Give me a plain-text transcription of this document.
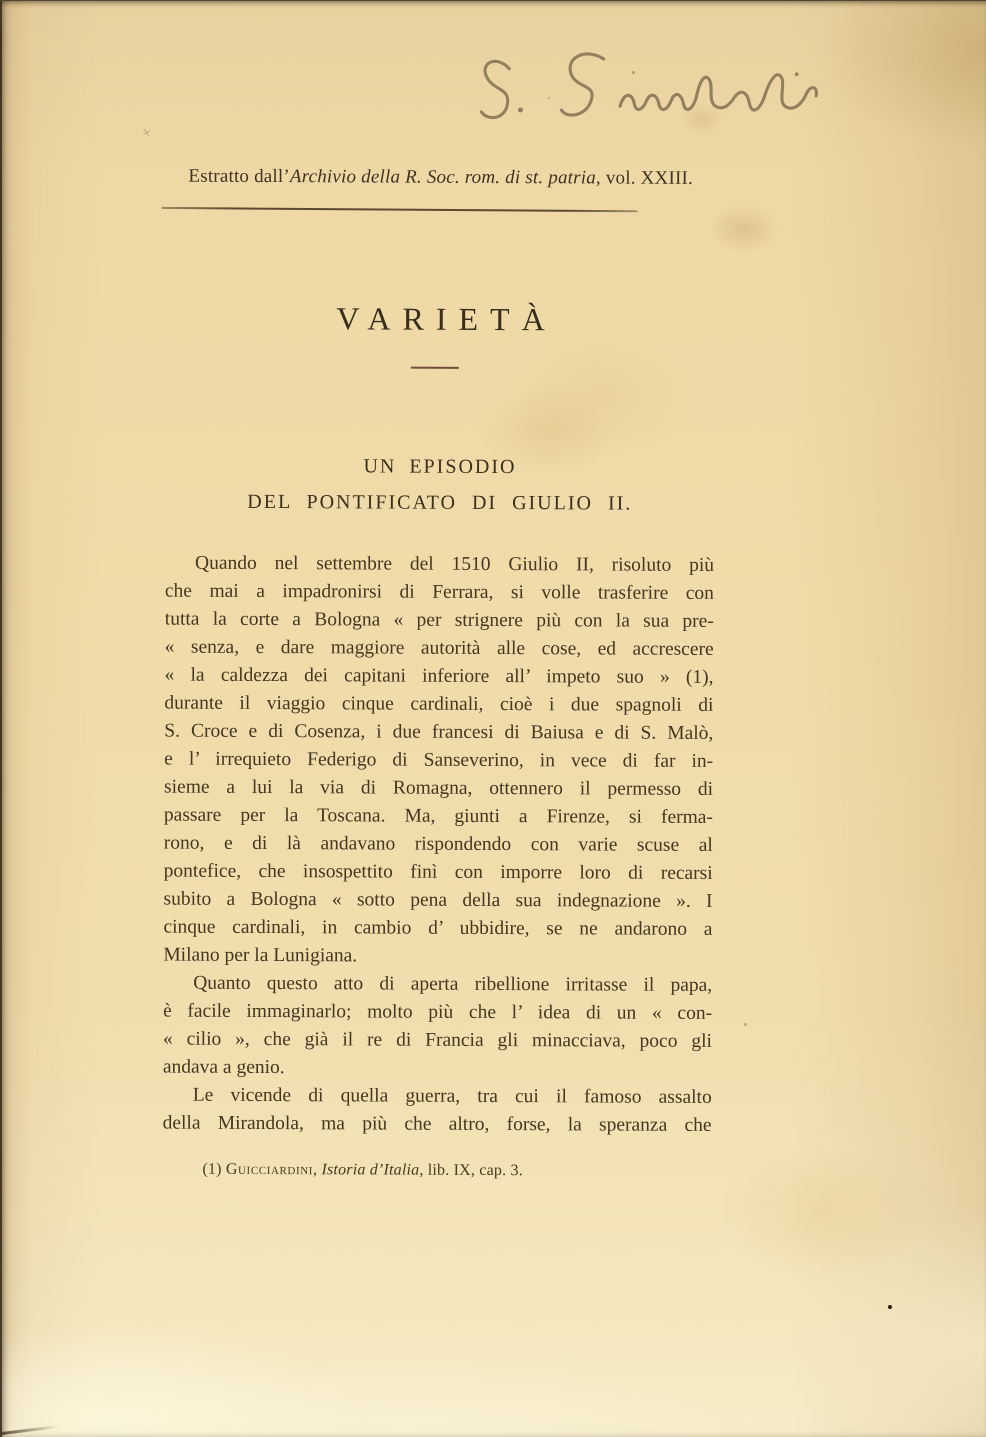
Estratto dall’Archivio della R. Soc. rom. di st. patria, vol. XXIII.
VARIETÀ
UN EPISODIO
DEL PONTIFICATO DI GIULIO II.
Quando nel settembre del 1510 Giulio II, risoluto più
che mai a impadronirsi di Ferrara, si volle trasferire con
tutta la corte a Bologna « per strignere più con la sua pre-
« senza, e dare maggiore autorità alle cose, ed accrescere
« la caldezza dei capitani inferiore all’ impeto suo » (1),
durante il viaggio cinque cardinali, cioè i due spagnoli di
S. Croce e di Cosenza, i due francesi di Baiusa e di S. Malò,
e l’ irrequieto Federigo di Sanseverino, in vece di far in-
sieme a lui la via di Romagna, ottennero il permesso di
passare per la Toscana. Ma, giunti a Firenze, si ferma-
rono, e di là andavano rispondendo con varie scuse al
pontefice, che insospettito finì con imporre loro di recarsi
subito a Bologna « sotto pena della sua indegnazione ». I
cinque cardinali, in cambio d’ ubbidire, se ne andarono a
Milano per la Lunigiana.
Quanto questo atto di aperta ribellione irritasse il papa,
è facile immaginarlo; molto più che l’ idea di un « con-
« cilio », che già il re di Francia gli minacciava, poco gli
andava a genio.
Le vicende di quella guerra, tra cui il famoso assalto
della Mirandola, ma più che altro, forse, la speranza che
(1) Guicciardini, Istoria d’Italia, lib. IX, cap. 3.
×
